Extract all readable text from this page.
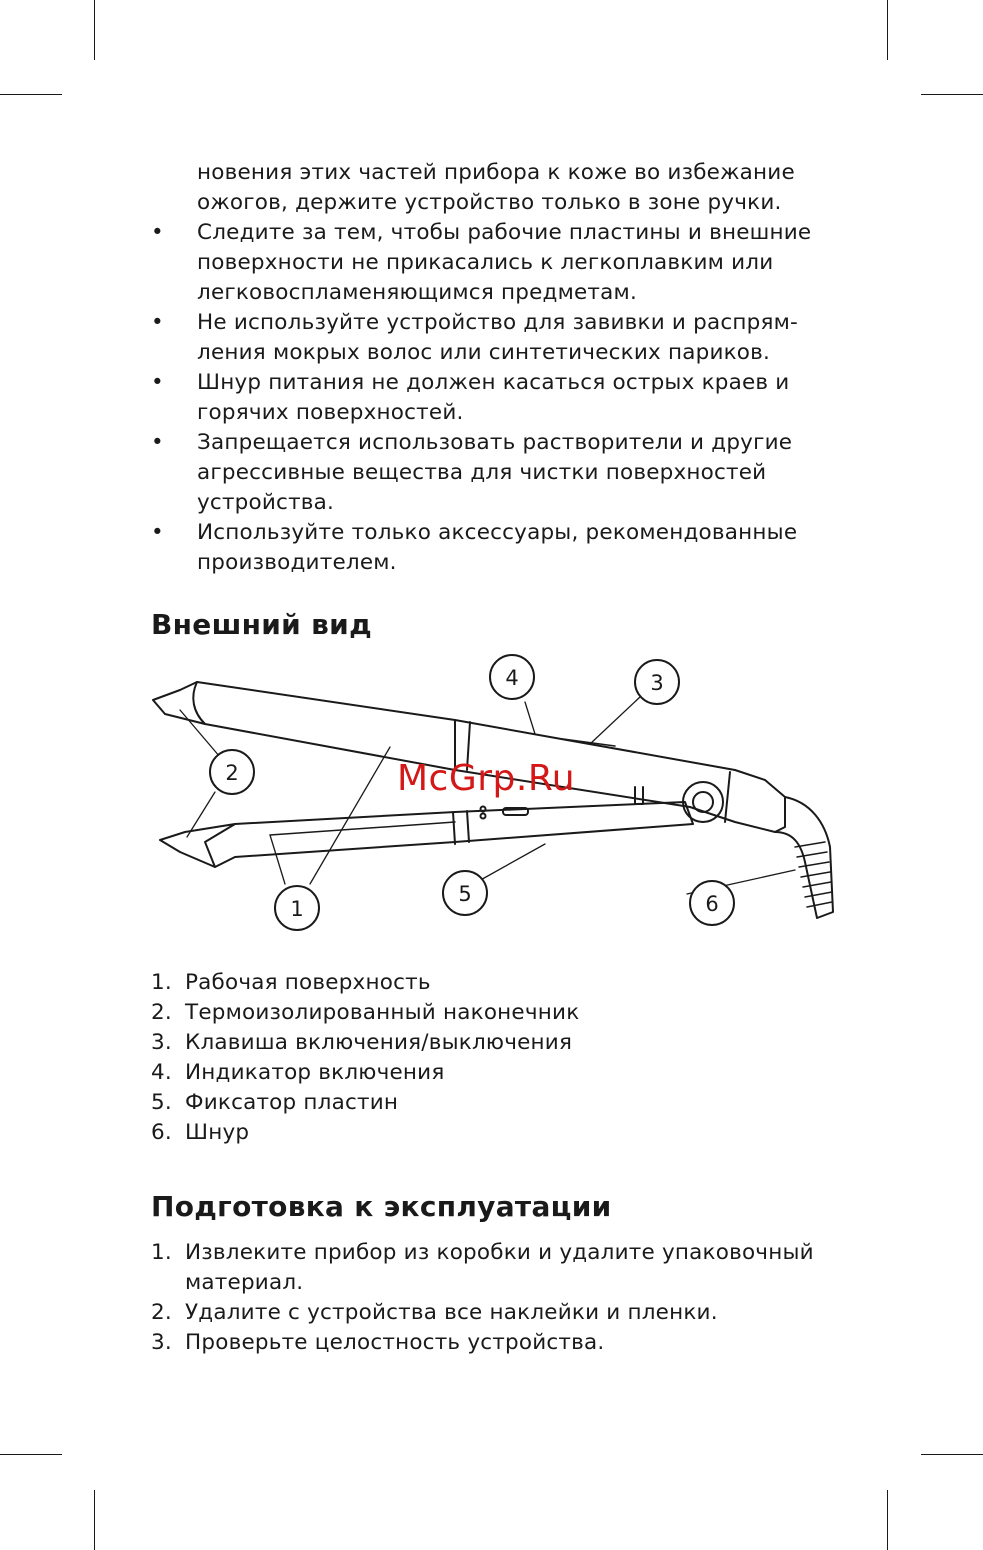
новения этих частей прибора к коже во избежание
ожогов, держите устройство только в зоне ручки.
• Следите за тем, чтобы рабочие пластины и внешние
поверхности не прикасались к легкоплавким или
легковоспламеняющимся предметам.
• Не используйте устройство для завивки и распрям-
ления мокрых волос или синтетических париков.
• Шнур питания не должен касаться острых краев и
горячих поверхностей.
• Запрещается использовать растворители и другие
агрессивные вещества для чистки поверхностей
устройства.
• Используйте только аксессуары, рекомендованные
производителем.
Внешний вид
1
2
3
4
5	6
McGrp.Ru
1. Рабочая поверхность
2. Термоизолированный наконечник
3. Клавиша включения/выключения
4. Индикатор включения
5. Фиксатор пластин
6. Шнур
Подготовка к эксплуатации
1. Извлеките прибор из коробки и удалите упаковочный
материал.
2. Удалите с устройства все наклейки и пленки.
3. Проверьте целостность устройства.
